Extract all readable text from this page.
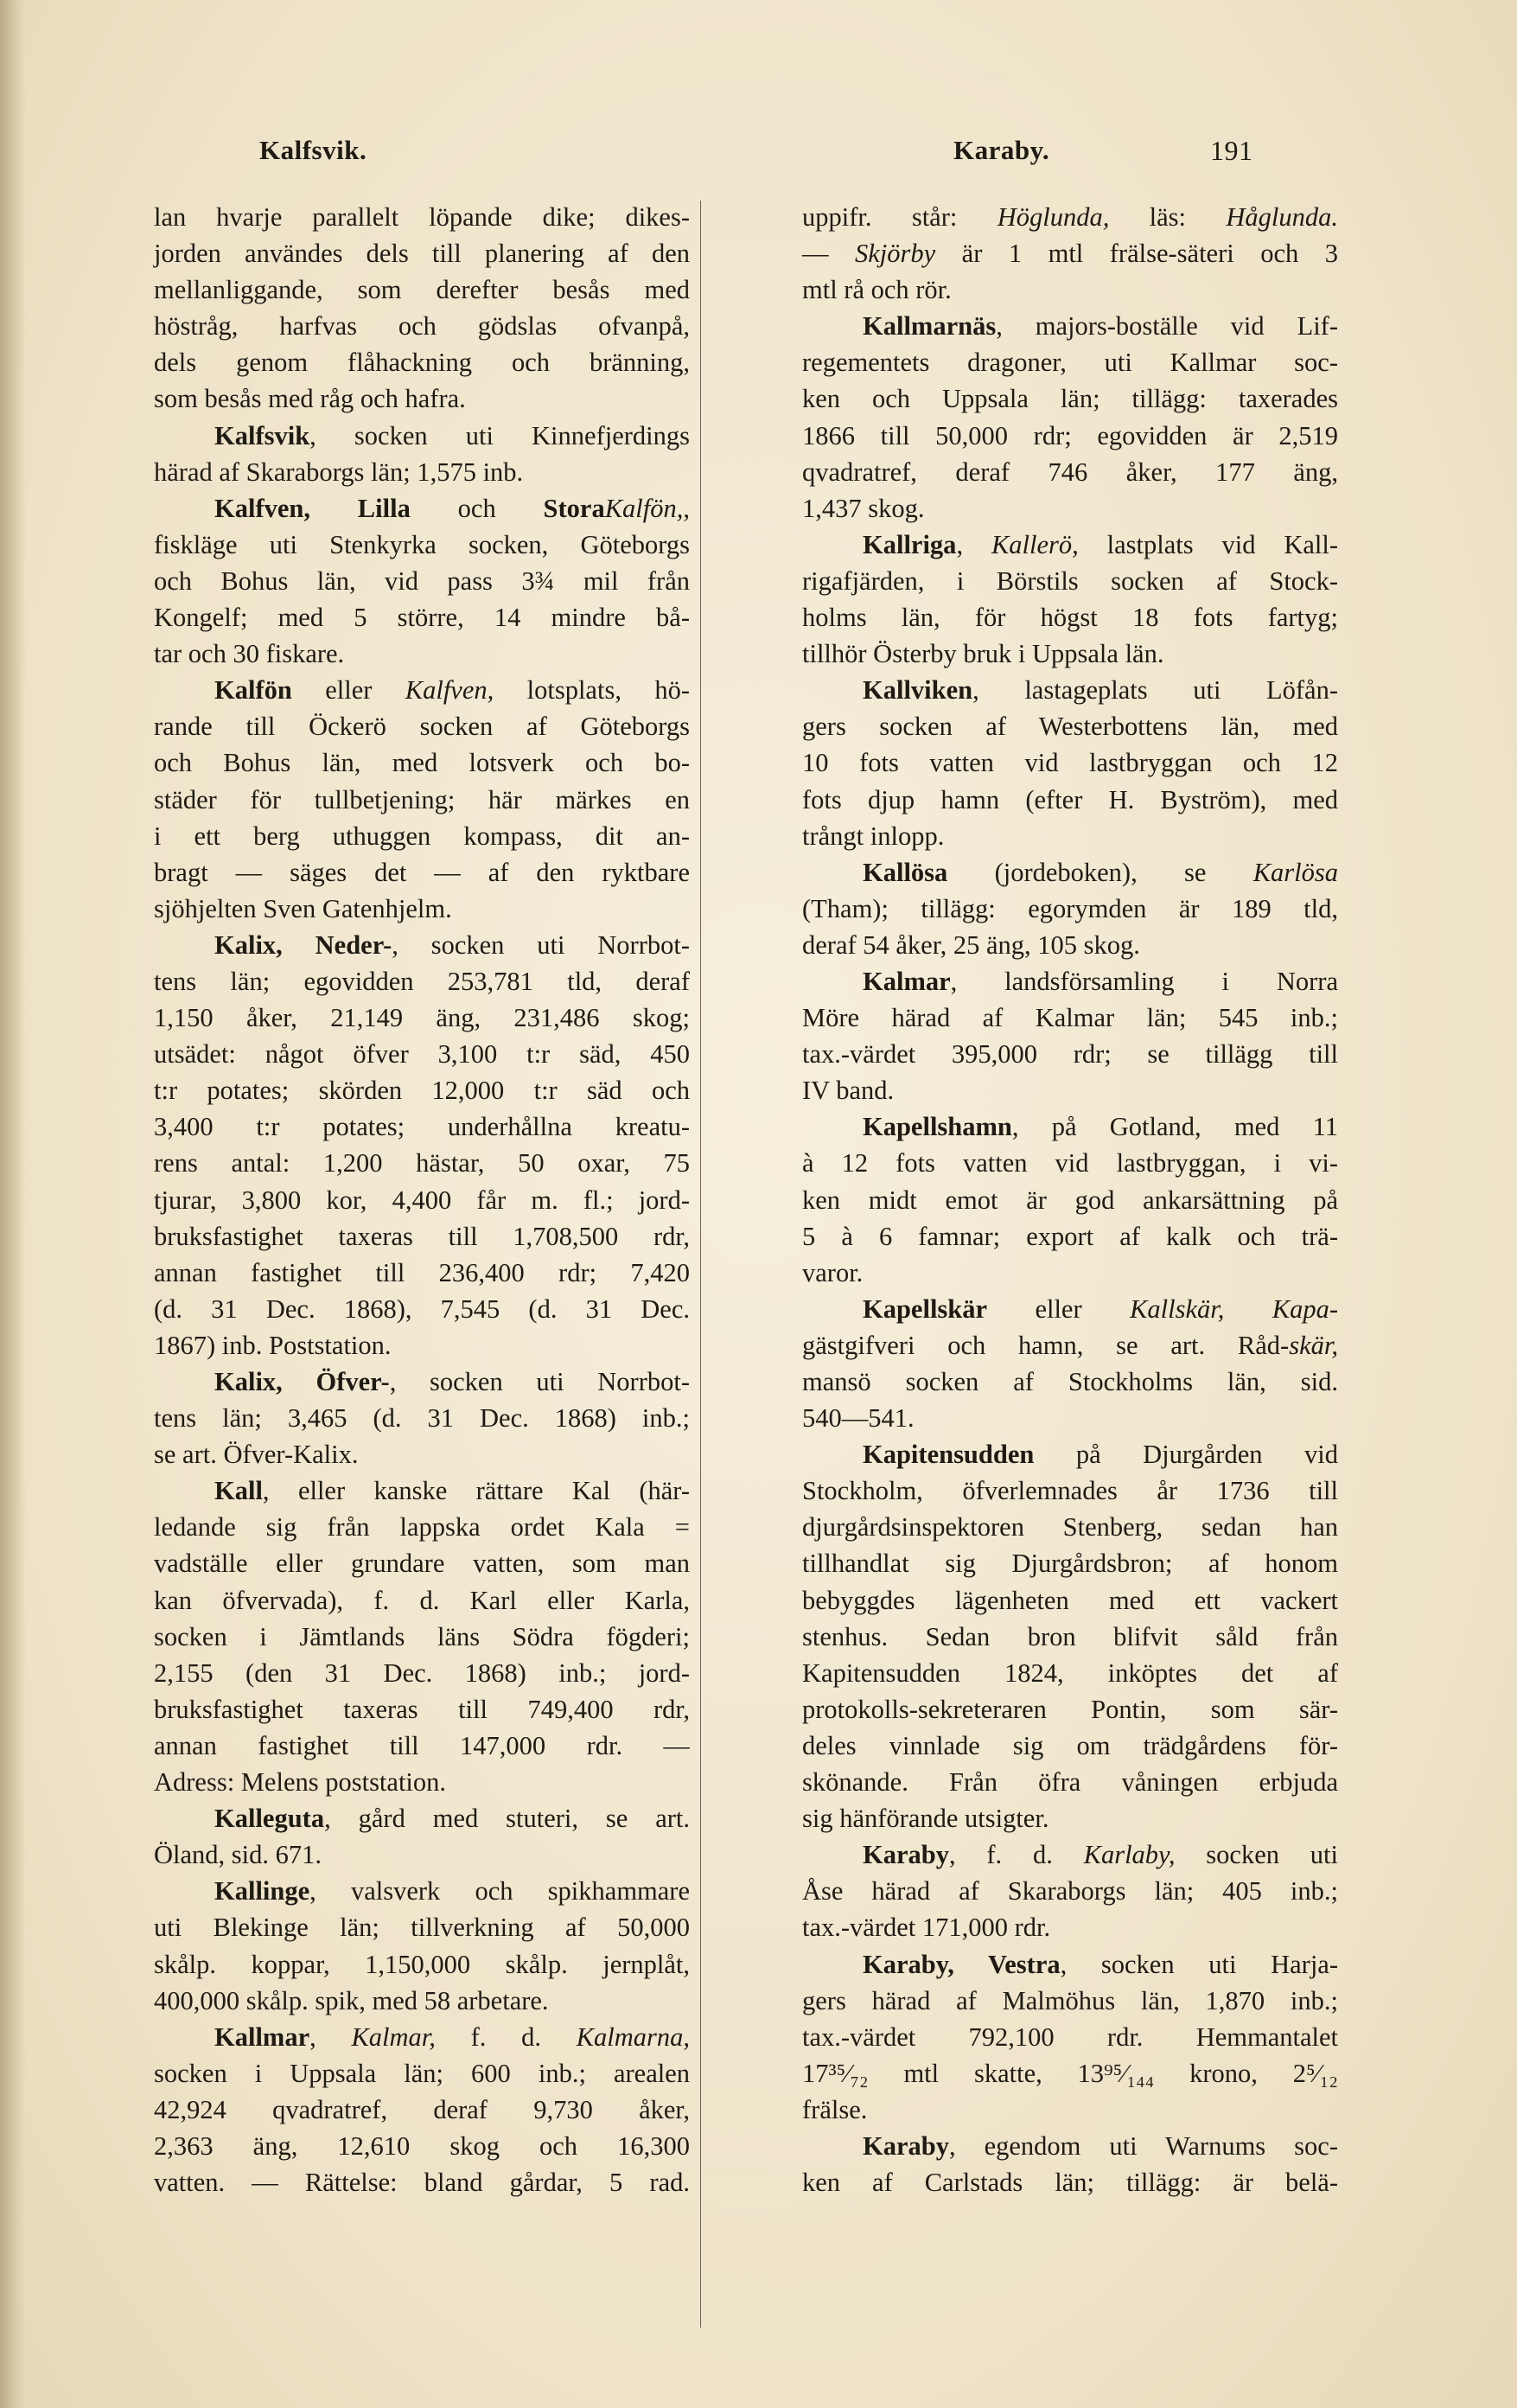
Kalfsvik.	Karaby.	191
lan hvarje parallelt löpande dike; dikes-
jorden användes dels till planering af den
mellanliggande, som derefter besås med
höstråg, harfvas och gödslas ofvanpå,
dels genom flåhackning och bränning,
som besås med råg och hafra.
Kalfsvik, socken uti Kinnefjerdings
härad af Skaraborgs län; 1,575 inb.
Kalfven, Lilla och StoraKalfön,,
fiskläge uti Stenkyrka socken, Göteborgs
och Bohus län, vid pass 3¾ mil från
Kongelf; med 5 större, 14 mindre bå-
tar och 30 fiskare.
Kalfön eller Kalfven, lotsplats, hö-
rande till Öckerö socken af Göteborgs
och Bohus län, med lotsverk och bo-
städer för tullbetjening; här märkes en
i ett berg uthuggen kompass, dit an-
bragt — säges det — af den ryktbare
sjöhjelten Sven Gatenhjelm.
Kalix, Neder-, socken uti Norrbot-
tens län; egovidden 253,781 tld, deraf
1,150 åker, 21,149 äng, 231,486 skog;
utsädet: något öfver 3,100 t:r säd, 450
t:r potates; skörden 12,000 t:r säd och
3,400 t:r potates; underhållna kreatu-
rens antal: 1,200 hästar, 50 oxar, 75
tjurar, 3,800 kor, 4,400 får m. fl.; jord-
bruksfastighet taxeras till 1,708,500 rdr,
annan fastighet till 236,400 rdr; 7,420
(d. 31 Dec. 1868), 7,545 (d. 31 Dec.
1867) inb. Poststation.
Kalix, Öfver-, socken uti Norrbot-
tens län; 3,465 (d. 31 Dec. 1868) inb.;
se art. Öfver-Kalix.
Kall, eller kanske rättare Kal (här-
ledande sig från lappska ordet Kala =
vadställe eller grundare vatten, som man
kan öfvervada), f. d. Karl eller Karla,
socken i Jämtlands läns Södra fögderi;
2,155 (den 31 Dec. 1868) inb.; jord-
bruksfastighet taxeras till 749,400 rdr,
annan fastighet till 147,000 rdr. —
Adress: Melens poststation.
Kalleguta, gård med stuteri, se art.
Öland, sid. 671.
Kallinge, valsverk och spikhammare
uti Blekinge län; tillverkning af 50,000
skålp. koppar, 1,150,000 skålp. jernplåt,
400,000 skålp. spik, med 58 arbetare.
Kallmar, Kalmar, f. d. Kalmarna,
socken i Uppsala län; 600 inb.; arealen
42,924 qvadratref, deraf 9,730 åker,
2,363 äng, 12,610 skog och 16,300
vatten. — Rättelse: bland gårdar, 5 rad.
uppifr. står: Höglunda, läs: Håglunda.
— Skjörby är 1 mtl frälse-säteri och 3
mtl rå och rör.
Kallmarnäs, majors-boställe vid Lif-
regementets dragoner, uti Kallmar soc-
ken och Uppsala län; tillägg: taxerades
1866 till 50,000 rdr; egovidden är 2,519
qvadratref, deraf 746 åker, 177 äng,
1,437 skog.
Kallriga, Kallerö, lastplats vid Kall-
rigafjärden, i Börstils socken af Stock-
holms län, för högst 18 fots fartyg;
tillhör Österby bruk i Uppsala län.
Kallviken, lastageplats uti Löfån-
gers socken af Westerbottens län, med
10 fots vatten vid lastbryggan och 12
fots djup hamn (efter H. Byström), med
trångt inlopp.
Kallösa (jordeboken), se Karlösa
(Tham); tillägg: egorymden är 189 tld,
deraf 54 åker, 25 äng, 105 skog.
Kalmar, landsförsamling i Norra
Möre härad af Kalmar län; 545 inb.;
tax.-värdet 395,000 rdr; se tillägg till
IV band.
Kapellshamn, på Gotland, med 11
à 12 fots vatten vid lastbryggan, i vi-
ken midt emot är god ankarsättning på
5 à 6 famnar; export af kalk och trä-
varor.
Kapellskär eller Kallskär, Kapa-
gästgifveri och hamn, se art. Råd-skär,
mansö socken af Stockholms län, sid.
540—541.
Kapitensudden på Djurgården vid
Stockholm, öfverlemnades år 1736 till
djurgårdsinspektoren Stenberg, sedan han
tillhandlat sig Djurgårdsbron; af honom
bebyggdes lägenheten med ett vackert
stenhus. Sedan bron blifvit såld från
Kapitensudden 1824, inköptes det af
protokolls-sekreteraren Pontin, som sär-
deles vinnlade sig om trädgårdens för-
skönande. Från öfra våningen erbjuda
sig hänförande utsigter.
Karaby, f. d. Karlaby, socken uti
Åse härad af Skaraborgs län; 405 inb.;
tax.-värdet 171,000 rdr.
Karaby, Vestra, socken uti Harja-
gers härad af Malmöhus län, 1,870 inb.;
tax.-värdet 792,100 rdr. Hemmantalet
17³⁵⁄₇₂ mtl skatte, 13⁹⁵⁄₁₄₄ krono, 2⁵⁄₁₂
frälse.
Karaby, egendom uti Warnums soc-
ken af Carlstads län; tillägg: är belä-
